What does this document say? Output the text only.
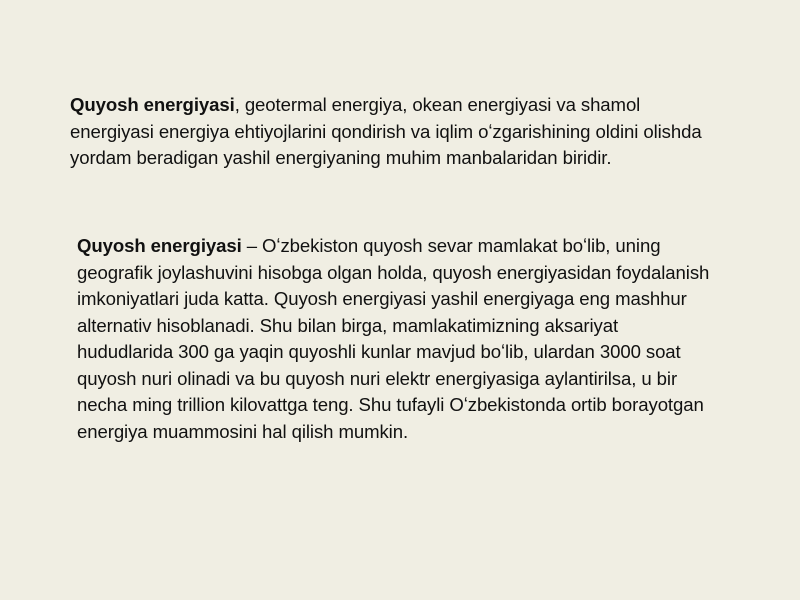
Quyosh energiyasi, geotermal energiya, okean energiyasi va shamol energiyasi energiya ehtiyojlarini qondirish va iqlim oʻzgarishining oldini olishda yordam beradigan yashil energiyaning muhim manbalaridan biridir.

Quyosh energiyasi – Oʻzbekiston quyosh sevar mamlakat boʻlib, uning geografik joylashuvini hisobga olgan holda, quyosh energiyasidan foydalanish imkoniyatlari juda katta. Quyosh energiyasi yashil energiyaga eng mashhur alternativ hisoblanadi. Shu bilan birga, mamlakatimizning aksariyat hududlarida 300 ga yaqin quyoshli kunlar mavjud boʻlib, ulardan 3000 soat quyosh nuri olinadi va bu quyosh nuri elektr energiyasiga aylantirilsa, u bir necha ming trillion kilovattga teng. Shu tufayli Oʻzbekistonda ortib borayotgan energiya muammosini hal qilish mumkin.
